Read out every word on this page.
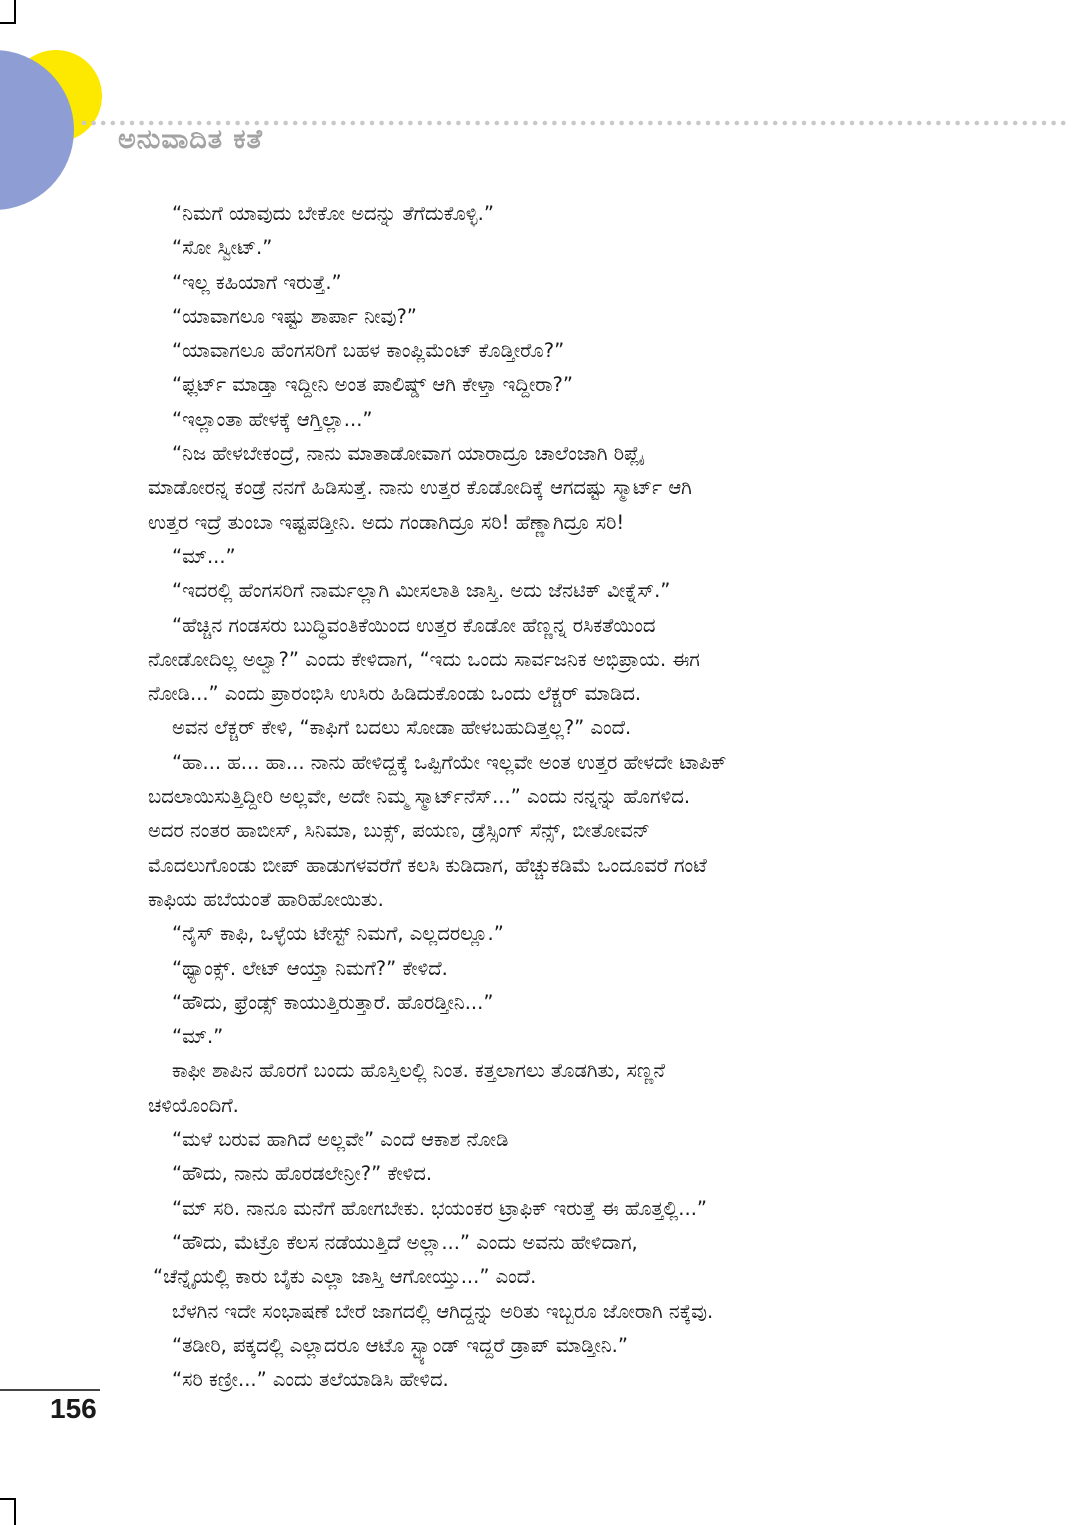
ಅನುವಾದಿತ ಕತೆ

“ನಿಮಗೆ ಯಾವುದು ಬೇಕೋ ಅದನ್ನು ತೆಗೆದುಕೊಳ್ಳಿ.”

“ಸೋ ಸ್ವೀಟ್.”

“ಇಲ್ಲ ಕಹಿಯಾಗೆ ಇರುತ್ತೆ.”

“ಯಾವಾಗಲೂ ಇಷ್ಟು ಶಾರ್ಪಾ ನೀವು?”

“ಯಾವಾಗಲೂ ಹೆಂಗಸರಿಗೆ ಬಹಳ ಕಾಂಪ್ಲಿಮೆಂಟ್ ಕೊಡ್ತೀರೊ?”

“ಫ್ಲರ್ಟ್ ಮಾಡ್ತಾ ಇದ್ದೀನಿ ಅಂತ ಪಾಲಿಷ್ಡ್ ಆಗಿ ಕೇಳ್ತಾ ಇದ್ದೀರಾ?”

“ಇಲ್ಲಾಂತಾ ಹೇಳಕ್ಕೆ ಆಗ್ತಿಲ್ಲಾ...”

“ನಿಜ ಹೇಳಬೇಕಂದ್ರೆ, ನಾನು ಮಾತಾಡೋವಾಗ ಯಾರಾದ್ರೂ ಚಾಲೆಂಜಾಗಿ ರಿಪ್ಲೈ

ಮಾಡೋರನ್ನ ಕಂಡ್ರೆ ನನಗೆ ಹಿಡಿಸುತ್ತೆ. ನಾನು ಉತ್ತರ ಕೊಡೋದಿಕ್ಕೆ ಆಗದಷ್ಟು ಸ್ಮಾರ್ಟ್ ಆಗಿ

ಉತ್ತರ ಇದ್ರೆ ತುಂಬಾ ಇಷ್ಟಪಡ್ತೀನಿ. ಅದು ಗಂಡಾಗಿದ್ರೂ ಸರಿ! ಹೆಣ್ಣಾಗಿದ್ರೂ ಸರಿ!

“ಮ್...”

“ಇದರಲ್ಲಿ ಹೆಂಗಸರಿಗೆ ನಾರ್ಮಲ್ಲಾಗಿ ಮೀಸಲಾತಿ ಜಾಸ್ತಿ. ಅದು ಜೆನಟಿಕ್ ವೀಕ್ನೆಸ್.”

“ಹೆಚ್ಚಿನ ಗಂಡಸರು ಬುದ್ಧಿವಂತಿಕೆಯಿಂದ ಉತ್ತರ ಕೊಡೋ ಹೆಣ್ಣನ್ನ ರಸಿಕತೆಯಿಂದ

ನೋಡೋದಿಲ್ಲ ಅಲ್ವಾ?” ಎಂದು ಕೇಳಿದಾಗ, “ಇದು ಒಂದು ಸಾರ್ವಜನಿಕ ಅಭಿಪ್ರಾಯ. ಈಗ

ನೋಡಿ...” ಎಂದು ಪ್ರಾರಂಭಿಸಿ ಉಸಿರು ಹಿಡಿದುಕೊಂಡು ಒಂದು ಲೆಕ್ಚರ್ ಮಾಡಿದ.

ಅವನ ಲೆಕ್ಚರ್ ಕೇಳಿ, “ಕಾಫಿಗೆ ಬದಲು ಸೋಡಾ ಹೇಳಬಹುದಿತ್ತಲ್ಲ?” ಎಂದೆ.

“ಹಾ... ಹ... ಹಾ... ನಾನು ಹೇಳಿದ್ದಕ್ಕೆ ಒಪ್ಪಿಗೆಯೇ ಇಲ್ಲವೇ ಅಂತ ಉತ್ತರ ಹೇಳದೇ ಟಾಪಿಕ್

ಬದಲಾಯಿಸುತ್ತಿದ್ದೀರಿ ಅಲ್ಲವೇ, ಅದೇ ನಿಮ್ಮ ಸ್ಮಾರ್ಟ್‌ನೆಸ್...” ಎಂದು ನನ್ನನ್ನು ಹೊಗಳಿದ.

ಅದರ ನಂತರ ಹಾಬೀಸ್, ಸಿನಿಮಾ, ಬುಕ್ಸ್, ಪಯಣ, ಡ್ರೆಸ್ಸಿಂಗ್ ಸೆನ್ಸ್, ಬೀತೋವನ್

ಮೊದಲುಗೊಂಡು ಬೀಪ್ ಹಾಡುಗಳವರೆಗೆ ಕಲಸಿ ಕುಡಿದಾಗ, ಹೆಚ್ಚುಕಡಿಮೆ ಒಂದೂವರೆ ಗಂಟೆ

ಕಾಫಿಯ ಹಬೆಯಂತೆ ಹಾರಿಹೋಯಿತು.

“ನೈಸ್ ಕಾಫಿ, ಒಳ್ಳೆಯ ಟೇಸ್ಟ್ ನಿಮಗೆ, ಎಲ್ಲದರಲ್ಲೂ.”

“ಥ್ಯಾಂಕ್ಸ್. ಲೇಟ್ ಆಯ್ತಾ ನಿಮಗೆ?” ಕೇಳಿದೆ.

“ಹೌದು, ಫ್ರೆಂಡ್ಸ್ ಕಾಯುತ್ತಿರುತ್ತಾರೆ. ಹೊರಡ್ತೀನಿ...”

“ಮ್.”

ಕಾಫೀ ಶಾಪಿನ ಹೊರಗೆ ಬಂದು ಹೊಸ್ತಿಲಲ್ಲಿ ನಿಂತ. ಕತ್ತಲಾಗಲು ತೊಡಗಿತು, ಸಣ್ಣನೆ

ಚಳಿಯೊಂದಿಗೆ.

“ಮಳೆ ಬರುವ ಹಾಗಿದೆ ಅಲ್ಲವೇ” ಎಂದೆ ಆಕಾಶ ನೋಡಿ

“ಹೌದು, ನಾನು ಹೊರಡಲೇನ್ರೀ?” ಕೇಳಿದ.

“ಮ್ ಸರಿ. ನಾನೂ ಮನೆಗೆ ಹೋಗಬೇಕು. ಭಯಂಕರ ಟ್ರಾಫಿಕ್ ಇರುತ್ತೆ ಈ ಹೊತ್ತಲ್ಲಿ...”

“ಹೌದು, ಮೆಟ್ರೊ ಕೆಲಸ ನಡೆಯುತ್ತಿದೆ ಅಲ್ಲಾ...” ಎಂದು ಅವನು ಹೇಳಿದಾಗ,

“ಚೆನ್ನೈಯಲ್ಲಿ ಕಾರು ಬೈಕು ಎಲ್ಲಾ ಜಾಸ್ತಿ ಆಗೋಯ್ತು...” ಎಂದೆ.

ಬೆಳಗಿನ ಇದೇ ಸಂಭಾಷಣೆ ಬೇರೆ ಜಾಗದಲ್ಲಿ ಆಗಿದ್ದನ್ನು ಅರಿತು ಇಬ್ಬರೂ ಜೋರಾಗಿ ನಕ್ಕೆವು.

“ತಡೀರಿ, ಪಕ್ಕದಲ್ಲಿ ಎಲ್ಲಾದರೂ ಆಟೊ ಸ್ಟ್ಯಾಂಡ್ ಇದ್ದರೆ ಡ್ರಾಪ್ ಮಾಡ್ತೀನಿ.”

“ಸರಿ ಕಣ್ರೀ...” ಎಂದು ತಲೆಯಾಡಿಸಿ ಹೇಳಿದ.

156
